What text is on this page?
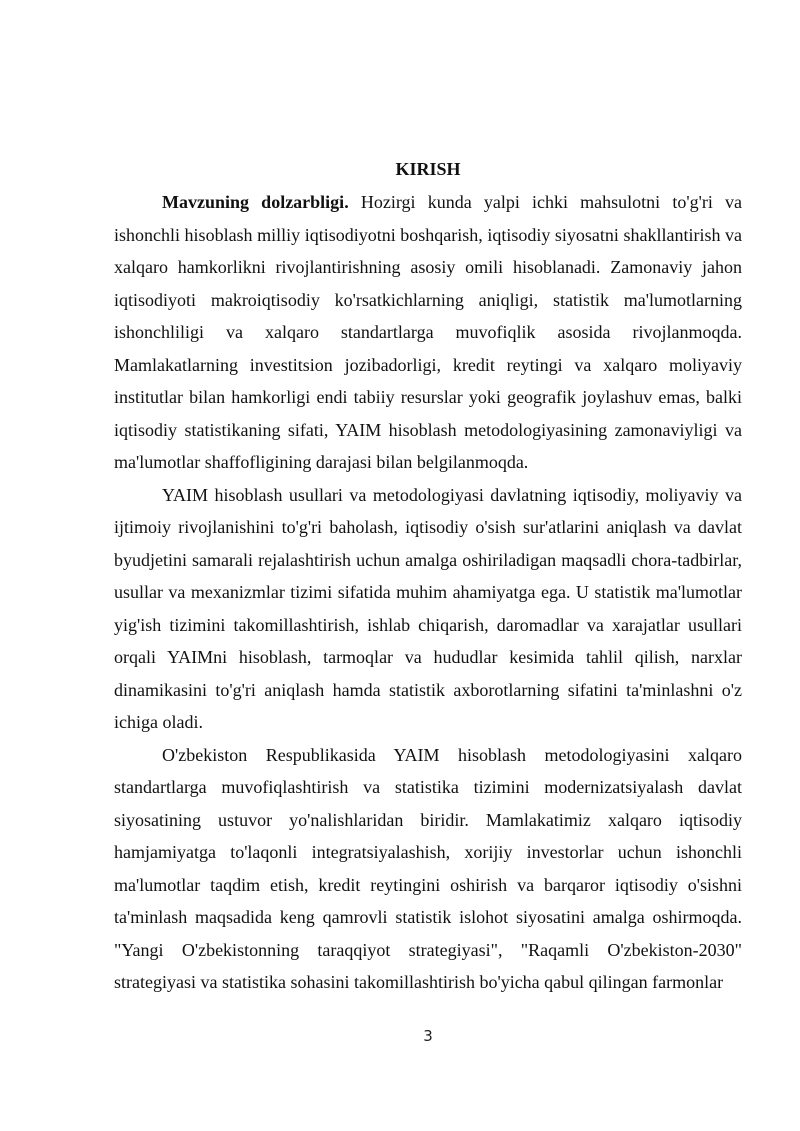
KIRISH

Mavzuning dolzarbligi. Hozirgi kunda yalpi ichki mahsulotni to'g'ri va ishonchli hisoblash milliy iqtisodiyotni boshqarish, iqtisodiy siyosatni shakllantirish va xalqaro hamkorlikni rivojlantirishning asosiy omili hisoblanadi. Zamonaviy jahon iqtisodiyoti makroiqtisodiy ko'rsatkichlarning aniqligi, statistik ma'lumotlarning ishonchliligi va xalqaro standartlarga muvofiqlik asosida rivojlanmoqda. Mamlakatlarning investitsion jozibadorligi, kredit reytingi va xalqaro moliyaviy institutlar bilan hamkorligi endi tabiiy resurslar yoki geografik joylashuv emas, balki iqtisodiy statistikaning sifati, YAIM hisoblash metodologiyasining zamonaviyligi va ma'lumotlar shaffofligining darajasi bilan belgilanmoqda.

YAIM hisoblash usullari va metodologiyasi davlatning iqtisodiy, moliyaviy va ijtimoiy rivojlanishini to'g'ri baholash, iqtisodiy o'sish sur'atlarini aniqlash va davlat byudjetini samarali rejalashtirish uchun amalga oshiriladigan maqsadli chora-tadbirlar, usullar va mexanizmlar tizimi sifatida muhim ahamiyatga ega. U statistik ma'lumotlar yig'ish tizimini takomillashtirish, ishlab chiqarish, daromadlar va xarajatlar usullari orqali YAIMni hisoblash, tarmoqlar va hududlar kesimida tahlil qilish, narxlar dinamikasini to'g'ri aniqlash hamda statistik axborotlarning sifatini ta'minlashni o'z ichiga oladi.

O'zbekiston Respublikasida YAIM hisoblash metodologiyasini xalqaro standartlarga muvofiqlashtirish va statistika tizimini modernizatsiyalash davlat siyosatining ustuvor yo'nalishlaridan biridir. Mamlakatimiz xalqaro iqtisodiy hamjamiyatga to'laqonli integratsiyalashish, xorijiy investorlar uchun ishonchli ma'lumotlar taqdim etish, kredit reytingini oshirish va barqaror iqtisodiy o'sishni ta'minlash maqsadida keng qamrovli statistik islohot siyosatini amalga oshirmoqda. "Yangi O'zbekistonning taraqqiyot strategiyasi", "Raqamli O'zbekiston-2030" strategiyasi va statistika sohasini takomillashtirish bo'yicha qabul qilingan farmonlar

3
